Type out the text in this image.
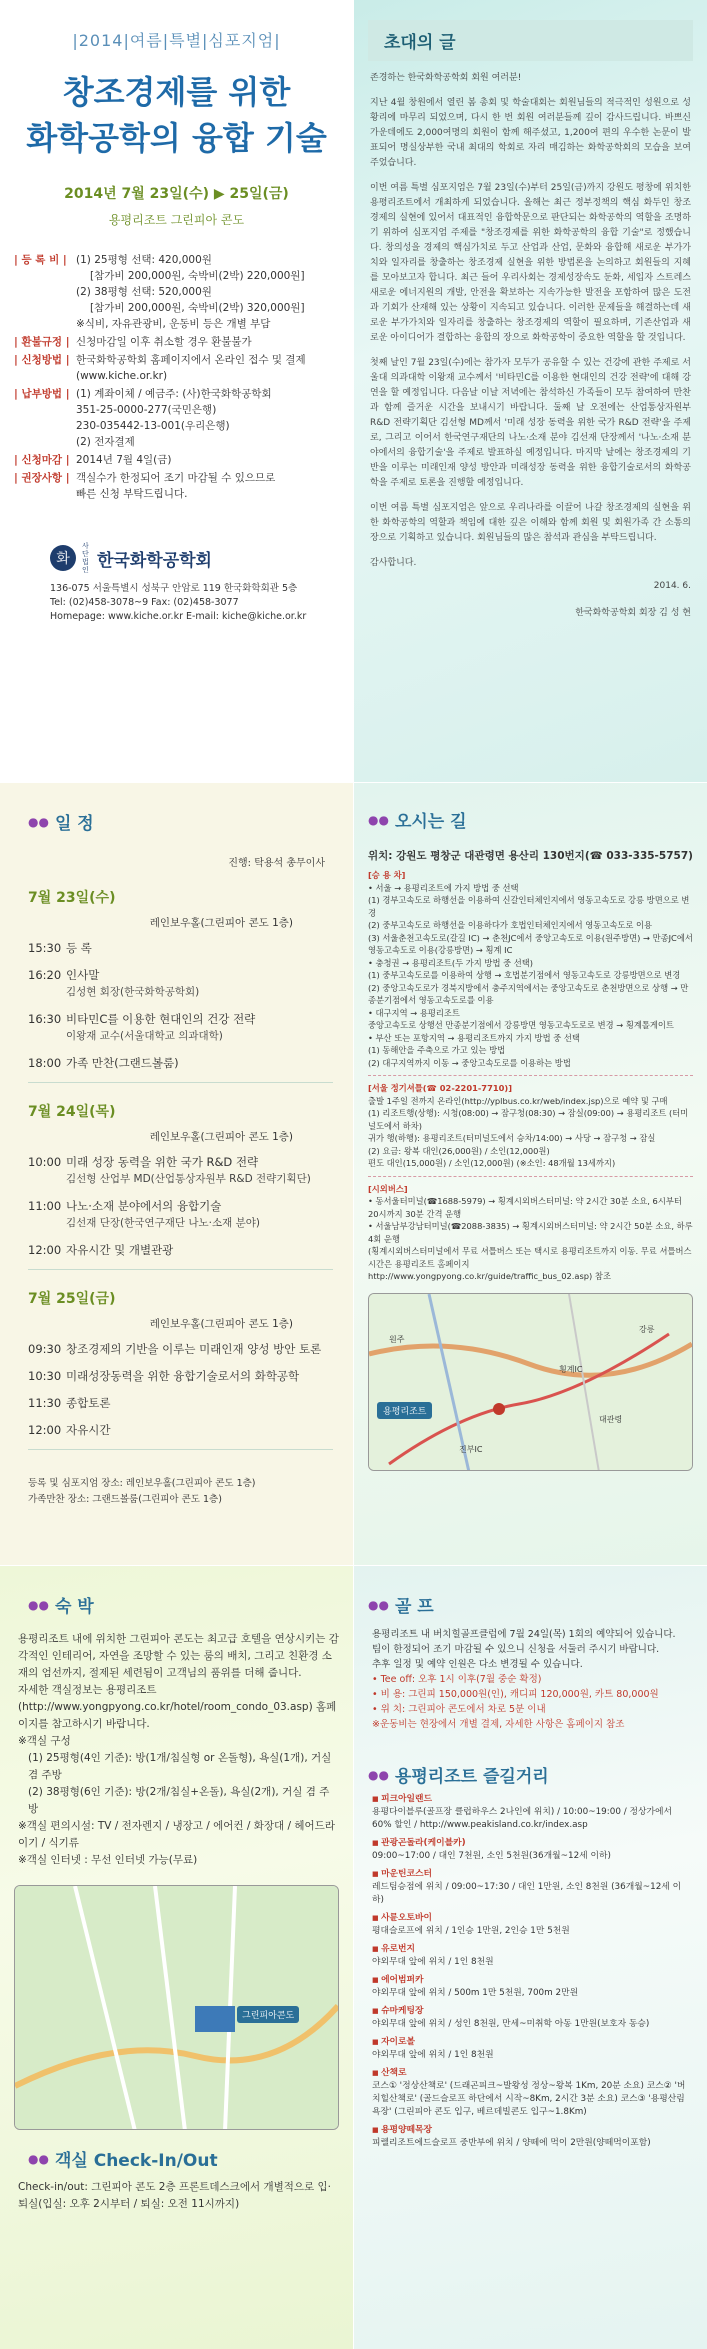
|2014|여름|특별|심포지엄|
창조경제를 위한
화학공학의 융합 기술
2014년 7월 23일(수) ▶ 25일(금)
용평리조트 그린피아 콘도
| 등 록 비 | (1) 25평형 선택: 420,000원
[참가비 200,000원, 숙박비(2박) 220,000원]
(2) 38평형 선택: 520,000원
[참가비 200,000원, 숙박비(2박) 320,000원]
※식비, 자유관광비, 운동비 등은 개별 부담
| 환불규정 | 신청마감일 이후 취소할 경우 환불불가
| 신청방법 | 한국화학공학회 홈페이지에서 온라인 접수 및 결제
(www.kiche.or.kr)
| 납부방법 | (1) 계좌이체 / 예금주: (사)한국화학공학회
351-25-0000-277(국민은행)
230-035442-13-001(우리은행)
(2) 전자결제
| 신청마감 | 2014년 7월 4일(금)
| 권장사항 | 객실수가 한정되어 조기 마감될 수 있으므로
빠른 신청 부탁드립니다.
화
사단법인 한국화학공학회
136-075 서울특별시 성북구 안암로 119 한국화학회관 5층
Tel: (02)458-3078~9 Fax: (02)458-3077
Homepage: www.kiche.or.kr E-mail: kiche@kiche.or.kr
초대의 글

존경하는 한국화학공학회 회원 여러분!

지난 4월 창원에서 열린 봄 총회 및 학술대회는 회원님들의 적극적인 성원으로 성황리에 마무리 되었으며, 다시 한 번 회원 여러분들께 깊이 감사드립니다. 바쁘신 가운데에도 2,000여명의 회원이 함께 해주셨고, 1,200여 편의 우수한 논문이 발표되어 명실상부한 국내 최대의 학회로 자리 매김하는 화학공학회의 모습을 보여주었습니다.

이번 여름 특별 심포지엄은 7월 23일(수)부터 25일(금)까지 강원도 평창에 위치한 용평리조트에서 개최하게 되었습니다. 올해는 최근 정부정책의 핵심 화두인 창조경제의 실현에 있어서 대표적인 융합학문으로 판단되는 화학공학의 역할을 조명하기 위하여 심포지엄 주제를 "창조경제를 위한 화학공학의 융합 기술"로 정했습니다. 창의성을 경제의 핵심가치로 두고 산업과 산업, 문화와 융합해 새로운 부가가치와 일자리를 창출하는 창조경제 실현을 위한 방법론을 논의하고 회원들의 지혜를 모아보고자 합니다. 최근 들어 우리사회는 경제성장속도 둔화, 세입자 스트레스 새로운 에너지원의 개발, 안전을 확보하는 지속가능한 발전을 포함하여 많은 도전과 기회가 산재해 있는 상황이 지속되고 있습니다. 이러한 문제들을 해결하는데 새로운 부가가치와 일자리를 창출하는 창조경제의 역할이 필요하며, 기존산업과 새로운 아이디어가 결합하는 융합의 장으로 화학공학이 중요한 역할을 할 것입니다.

첫째 날인 7월 23일(수)에는 참가자 모두가 공유할 수 있는 건강에 관한 주제로 서울대 의과대학 이왕재 교수께서 '비타민C를 이용한 현대인의 건강 전략'에 대해 강연을 할 예정입니다. 다음날 이날 저녁에는 참석하신 가족들이 모두 참여하여 만찬과 함께 즐거운 시간을 보내시기 바랍니다. 둘째 날 오전에는 산업통상자원부 R&D 전략기획단 김선형 MD께서 '미래 성장 동력을 위한 국가 R&D 전략'을 주제로, 그리고 이어서 한국연구재단의 나노·소재 분야 김선재 단장께서 '나노·소재 분야에서의 융합기술'을 주제로 발표하실 예정입니다. 마지막 날에는 창조경제의 기반을 이루는 미래인재 양성 방안과 미래성장 동력을 위한 융합기술로서의 화학공학을 주제로 토론을 진행할 예정입니다.

이번 여름 특별 심포지엄은 앞으로 우리나라를 이끌어 나갈 창조경제의 실현을 위한 화학공학의 역할과 책임에 대한 깊은 이해와 함께 회원 및 회원가족 간 소통의 장으로 기획하고 있습니다. 회원님들의 많은 참석과 관심을 부탁드립니다.

감사합니다.

2014. 6.
한국화학공학회 회장 김 성 현
●● 일 정
진행: 탁용석 총무이사
7월 23일(수)
레인보우홀(그린피아 콘도 1층)
15:30 등 록
16:20 인사말
김성현 회장(한국화학공학회)
16:30 비타민C를 이용한 현대인의 건강 전략
이왕재 교수(서울대학교 의과대학)
18:00 가족 만찬(그랜드볼룸)
7월 24일(목)
레인보우홀(그린피아 콘도 1층)
10:00 미래 성장 동력을 위한 국가 R&D 전략
김선형 산업부 MD(산업통상자원부 R&D 전략기획단)
11:00 나노·소재 분야에서의 융합기술
김선재 단장(한국연구재단 나노·소재 분야)
12:00 자유시간 및 개별관광
7월 25일(금)
레인보우홀(그린피아 콘도 1층)
09:30 창조경제의 기반을 이루는 미래인재 양성 방안 토론
10:30 미래성장동력을 위한 융합기술로서의 화학공학
11:30 종합토론
12:00 자유시간
등록 및 심포지엄 장소: 레인보우홀(그린피아 콘도 1층)
가족만찬 장소: 그랜드볼룸(그린피아 콘도 1층)
●● 오시는 길
위치: 강원도 평창군 대관령면 용산리 130번지(☎ 033-335-5757)
[승 용 차]
• 서울 → 용평리조트에 가지 방법 중 선택
(1) 경부고속도로 하행선을 이용하여 신갈인터체인지에서 영동고속도로 강릉 방면으로 변경
(2) 중부고속도로 하행선을 이용하다가 호법인터체인지에서 영동고속도로 이용
(3) 서울춘천고속도로(갈길 IC) → 춘천JC에서 중앙고속도로 이용(원주방면) → 만종JC에서 영동고속도로 이용(강릉방면) → 횡계 IC
• 충청권 → 용평리조트(두 가지 방법 중 선택)
(1) 중부고속도로를 이용하여 상행 → 호법분기점에서 영동고속도로 강릉방면으로 변경
(2) 중앙고속도로가 경북지방에서 충주지역에서는 중앙고속도로 춘천방면으로 상행 → 만종분기점에서 영동고속도로를 이용
• 대구지역 → 용평리조트
중앙고속도로 상행선 만종분기점에서 강릉방면 영동고속도로로 변경 → 횡계톨게이트
• 부산 또는 포항지역 → 용평리조트까지 가지 방법 중 선택
(1) 동해안을 주축으로 가고 있는 방법
(2) 대구지역까지 이동 → 중앙고속도로를 이용하는 방법
[서울 정기셔틀(☎ 02-2201-7710)]
출발 1주일 전까지 온라인(http://yplbus.co.kr/web/index.jsp)으로 예약 및 구매
(1) 리조트행(상행): 시청(08:00) → 잠구청(08:30) → 잠실(09:00) → 용평리조트 (터미널도에서 하차)
귀가 행(하행): 용평리조트(터미널도에서 승차/14:00) → 사당 → 잠구청 → 잠실
(2) 요금: 왕복 대인(26,000원) / 소인(12,000원)
편도 대인(15,000원) / 소인(12,000원) (※소인: 48개월 13세까지)
[시외버스]
• 동서울터미널(☎1688-5979) → 횡계시외버스터미널: 약 2시간 30분 소요, 6시부터 20시까지 30분 간격 운행
• 서울남부강남터미널(☎2088-3835) → 횡계시외버스터미널: 약 2시간 50분 소요, 하루 4회 운행
(횡계시외버스터미널에서 무료 셔틀버스 또는 택시로 용평리조트까지 이동. 무료 셔틀버스 시간은 용평리조트 홈페이지http://www.yongpyong.co.kr/guide/traffic_bus_02.asp) 참조
용평리조트
강릉
원주
횡계IC
대관령
진부IC
●● 숙 박
용평리조트 내에 위치한 그린피아 콘도는 최고급 호텔을 연상시키는 감각적인 인테리어, 자연을 조망할 수 있는 룸의 배치, 그리고 친환경 소재의 엄선까지, 절제된 세련됨이 고객님의 품위를 더해 줍니다.
자세한 객실정보는 용평리조트(http://www.yongpyong.co.kr/hotel/room_condo_03.asp) 홈페이지를 참고하시기 바랍니다.
※객실 구성
(1) 25평형(4인 기준): 방(1개/침실형 or 온돌형), 욕실(1개), 거실 겸 주방
(2) 38평형(6인 기준): 방(2개/침실+온돌), 욕실(2개), 거실 겸 주방
※객실 편의시설: TV / 전자렌지 / 냉장고 / 에어컨 / 화장대 / 헤어드라이기 / 식기류
※객실 인터넷 : 무선 인터넷 가능(무료)
그린피아콘도
●● 객실 Check-In/Out
Check-in/out: 그린피아 콘도 2층 프론트데스크에서 개별적으로 입·퇴실(입실: 오후 2시부터 / 퇴실: 오전 11시까지)
●● 골 프
용평리조트 내 버치힐골프클럽에 7월 24일(목) 1회의 예약되어 있습니다.
팀이 한정되어 조기 마감될 수 있으니 신청을 서둘러 주시기 바랍니다.
추후 일정 및 예약 인원은 다소 변경될 수 있습니다.
• Tee off: 오후 1시 이후(7월 중순 확정)
• 비 용: 그린피 150,000원(인), 캐디피 120,000원, 카트 80,000원
• 위 치: 그린피아 콘도에서 차로 5분 이내
※운동비는 현장에서 개별 결제, 자세한 사항은 홈페이지 참조
●● 용평리조트 즐길거리
■ 피크아일랜드
용평다이블루(골프장 클럽하우스 2나인에 위치) / 10:00~19:00 / 정상가에서 60% 할인 / http://www.peakisland.co.kr/index.asp
■ 관광곤돌라(케이블카)
09:00~17:00 / 대인 7천원, 소인 5천원(36개월~12세 이하)
■ 마운틴코스터
레드팀승점에 위치 / 09:00~17:30 / 대인 1만원, 소인 8천원 (36개월~12세 이하)
■ 사륜오토바이
평대슬로프에 위치 / 1인승 1만원, 2인승 1만 5천원
■ 유로번지
야외무대 앞에 위치 / 1인 8천원
■ 에어범퍼카
야외무대 앞에 위치 / 500m 1만 5천원, 700m 2만원
■ 슈마케팅장
야외무대 앞에 위치 / 성인 8천원, 만세~미취학 아동 1만원(보호자 동승)
■ 자이로볼
야외무대 앞에 위치 / 1인 8천원
■ 산책로
코스① '정상산책로' (드래곤피크~발왕성 정상~왕복 1Km, 20분 소요) 코스② '버치힐산책로' (골드슬로프 하단에서 시작~8Km, 2시간 3분 소요) 코스③ '용평산림욕장' (그린피아 콘도 입구, 베르데빌콘도 입구~1.8Km)
■ 용평양떼목장
피렐리조트에드슬로프 중반부에 위치 / 양떼에 먹이 2만원(양떼먹이포함)
